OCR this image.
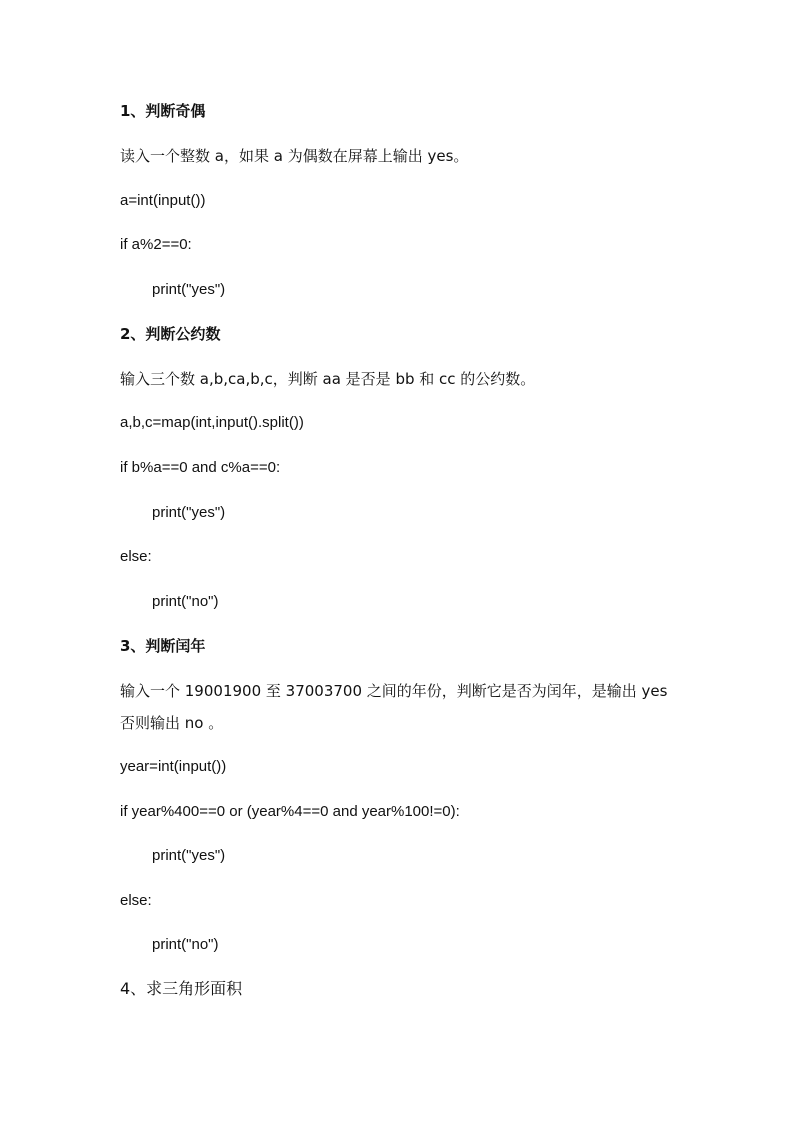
1、判断奇偶
读入一个整数 a，如果 a 为偶数在屏幕上输出 yes。
a=int(input())
if a%2==0:
print("yes")
2、判断公约数
输入三个数 a,b,ca,b,c，判断 aa 是否是 bb 和 cc 的公约数。
a,b,c=map(int,input().split())
if b%a==0 and c%a==0:
print("yes")
else:
print("no")
3、判断闰年
输入一个 19001900 至 37003700 之间的年份，判断它是否为闰年，是输出 yes
否则输出 no 。
year=int(input())
if year%400==0 or (year%4==0 and year%100!=0):
print("yes")
else:
print("no")
4、求三角形面积
